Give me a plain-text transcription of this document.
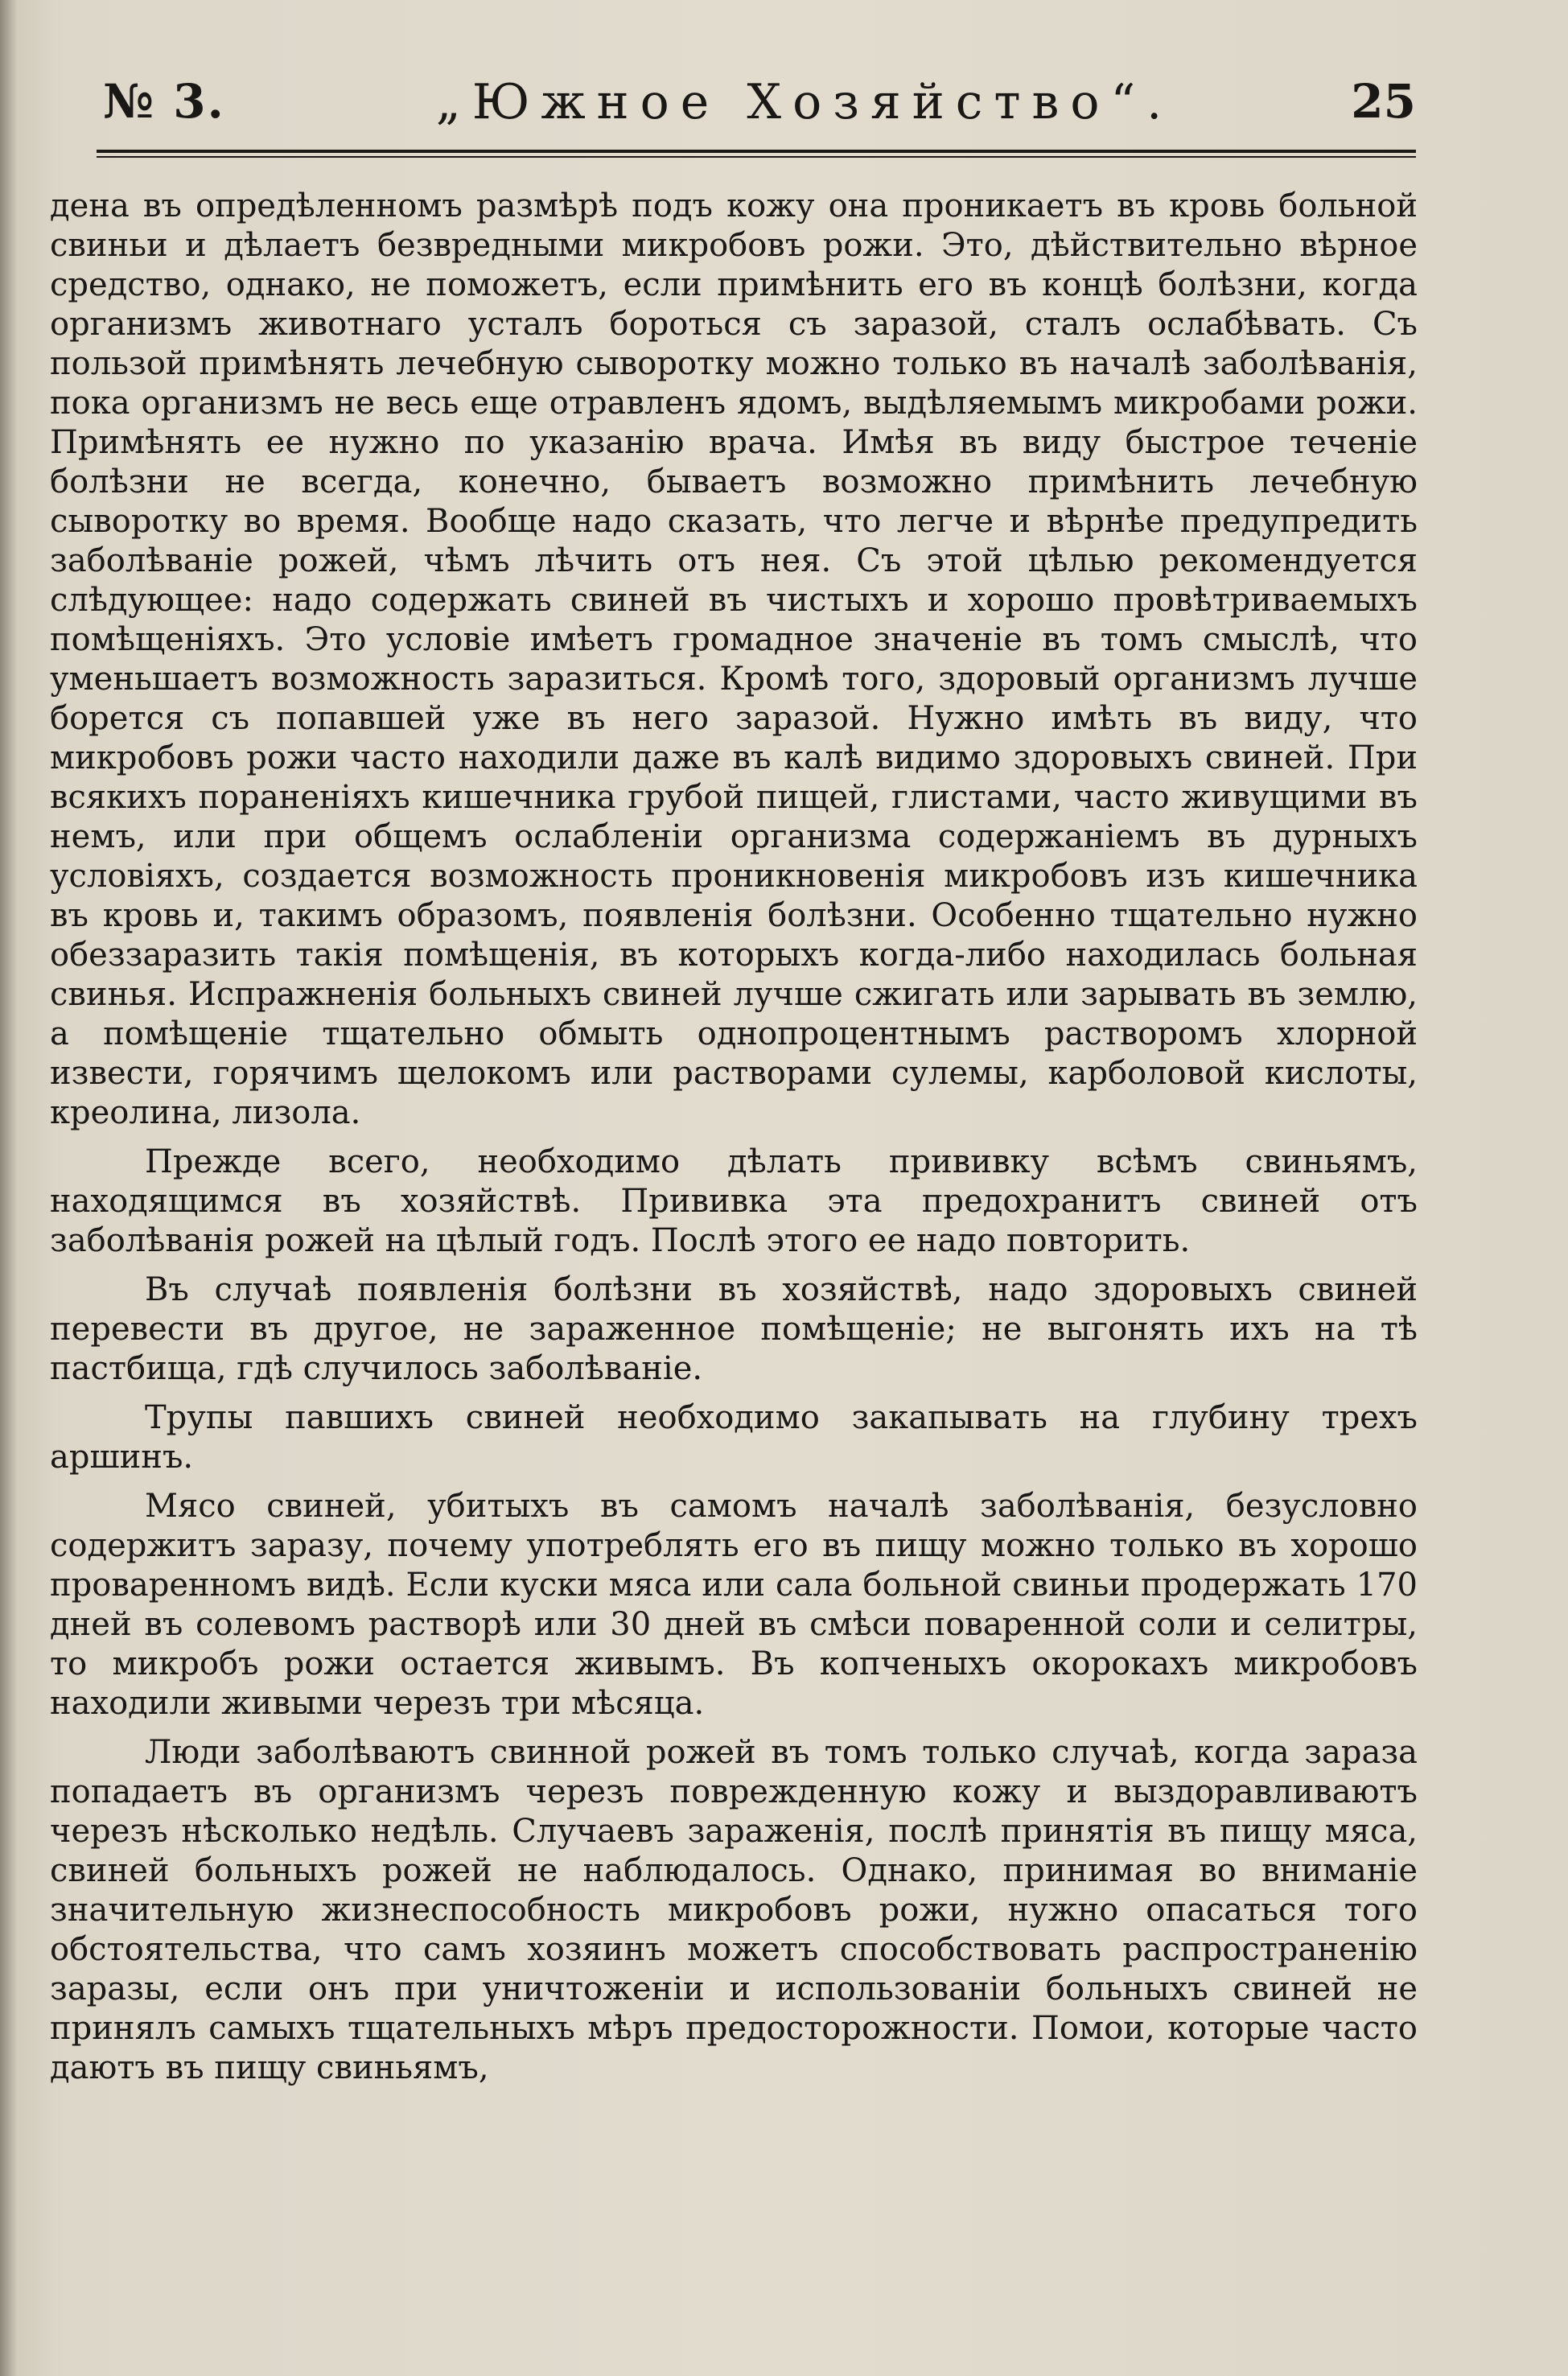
№ 3.	„Южное Хозяйство“.	25

дена въ опредѣленномъ размѣрѣ подъ кожу она проникаетъ въ кровь больной свиньи и дѣлаетъ безвредными микробовъ рожи. Это, дѣйствительно вѣрное средство, однако, не поможетъ, если примѣнить его въ концѣ болѣзни, когда организмъ животнаго усталъ бороться съ заразой, сталъ ослабѣвать. Съ пользой примѣнять лечебную сыворотку можно только въ началѣ заболѣванія, пока организмъ не весь еще отравленъ ядомъ, выдѣляемымъ микробами рожи. Примѣнять ее нужно по указанію врача. Имѣя въ виду быстрое теченіе болѣзни не всегда, конечно, бываетъ возможно примѣнить лечебную сыворотку во время. Вообще надо сказать, что легче и вѣрнѣе предупредить заболѣваніе рожей, чѣмъ лѣчить отъ нея. Съ этой цѣлью рекомендуется слѣдующее: надо содержать свиней въ чистыхъ и хорошо провѣтриваемыхъ помѣщеніяхъ. Это условіе имѣетъ громадное значеніе въ томъ смыслѣ, что уменьшаетъ возможность заразиться. Кромѣ того, здоровый организмъ лучше борется съ попавшей уже въ него заразой. Нужно имѣть въ виду, что микробовъ рожи часто находили даже въ калѣ видимо здоровыхъ свиней. При всякихъ пораненіяхъ кишечника грубой пищей, глистами, часто живущими въ немъ, или при общемъ ослабленіи организма содержаніемъ въ дурныхъ условіяхъ, создается возможность проникновенія микробовъ изъ кишечника въ кровь и, такимъ образомъ, появленія болѣзни. Особенно тщательно нужно обеззаразить такія помѣщенія, въ которыхъ когда-либо находилась больная свинья. Испражненія больныхъ свиней лучше сжигать или зарывать въ землю, а помѣщеніе тщательно обмыть однопроцентнымъ растворомъ хлорной извести, горячимъ щелокомъ или растворами сулемы, карболовой кислоты, креолина, лизола.

Прежде всего, необходимо дѣлать прививку всѣмъ свиньямъ, находящимся въ хозяйствѣ. Прививка эта предохранитъ свиней отъ заболѣванія рожей на цѣлый годъ. Послѣ этого ее надо повторить.

Въ случаѣ появленія болѣзни въ хозяйствѣ, надо здоровыхъ свиней перевести въ другое, не зараженное помѣщеніе; не выгонять ихъ на тѣ пастбища, гдѣ случилось заболѣваніе.

Трупы павшихъ свиней необходимо закапывать на глубину трехъ аршинъ.

Мясо свиней, убитыхъ въ самомъ началѣ заболѣванія, безусловно содержитъ заразу, почему употреблять его въ пищу можно только въ хорошо проваренномъ видѣ. Если куски мяса или сала больной свиньи продержать 170 дней въ солевомъ растворѣ или 30 дней въ смѣси поваренной соли и селитры, то микробъ рожи остается живымъ. Въ копченыхъ окорокахъ микробовъ находили живыми черезъ три мѣсяца.

Люди заболѣваютъ свинной рожей въ томъ только случаѣ, когда зараза попадаетъ въ организмъ черезъ поврежденную кожу и выздоравливаютъ черезъ нѣсколько недѣль. Случаевъ зараженія, послѣ принятія въ пищу мяса, свиней больныхъ рожей не наблюдалось. Однако, принимая во вниманіе значительную жизнеспособность микробовъ рожи, нужно опасаться того обстоятельства, что самъ хозяинъ можетъ способствовать распространенію заразы, если онъ при уничтоженіи и использованіи больныхъ свиней не принялъ самыхъ тщательныхъ мѣръ предосторожности. Помои, которые часто даютъ въ пищу свиньямъ,
